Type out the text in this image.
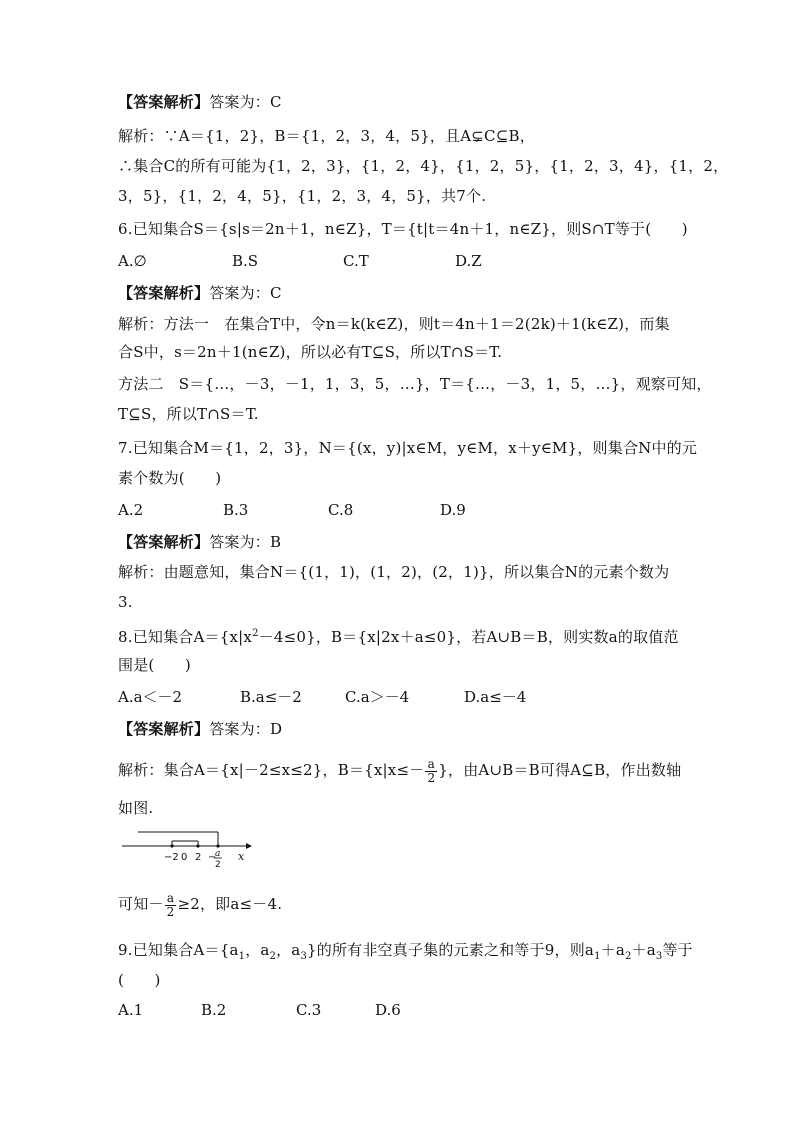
【答案解析】答案为：C
解析：∵A＝{1，2}，B＝{1，2，3，4，5}，且A⊊C⊆B，
∴集合C的所有可能为{1，2，3}，{1，2，4}，{1，2，5}，{1，2，3，4}，{1，2，
3，5}，{1，2，4，5}，{1，2，3，4，5}，共7个.
6.已知集合S＝{s|s＝2n＋1，n∈Z}，T＝{t|t＝4n＋1，n∈Z}，则S∩T等于(　　)
A.∅	B.S	C.T	D.Z
【答案解析】答案为：C
解析：方法一　在集合T中，令n＝k(k∈Z)，则t＝4n＋1＝2(2k)＋1(k∈Z)，而集
合S中，s＝2n＋1(n∈Z)，所以必有T⊆S，所以T∩S＝T.
方法二　S＝{…，－3，－1，1，3，5，…}，T＝{…，－3，1，5，…}，观察可知，
T⊆S，所以T∩S＝T.
7.已知集合M＝{1，2，3}，N＝{(x，y)|x∈M，y∈M，x＋y∈M}，则集合N中的元
素个数为(　　)
A.2	B.3	C.8	D.9
【答案解析】答案为：B
解析：由题意知，集合N＝{(1，1)，(1，2)，(2，1)}，所以集合N的元素个数为
3.
8.已知集合$A=\{x|x^2-4\le 0\}$，B＝{x|2x＋a≤0}，若A∪B＝B，则实数a的取值范
围是(　　)
A.a＜－2	B.a≤－2	C.a＞－4	D.a≤－4
【答案解析】答案为：D
解析：集合A＝{x|－2≤x≤2}，$B=\{x|x\le- \frac{a}{2}$ }，由A∪B＝B可得A⊆B，作出数轴
如图.
−2 0 2 −
a
2
x
可知－ $\frac{a}{2} \ge 2$，即a≤－4.
9.已知集合$A=\{a_1$，$a_2$，$a_3$}的所有非空真子集的元素之和等于9，则$a_1+a_2+a_3$等于
(　　)
A.1	B.2	C.3	D.6
